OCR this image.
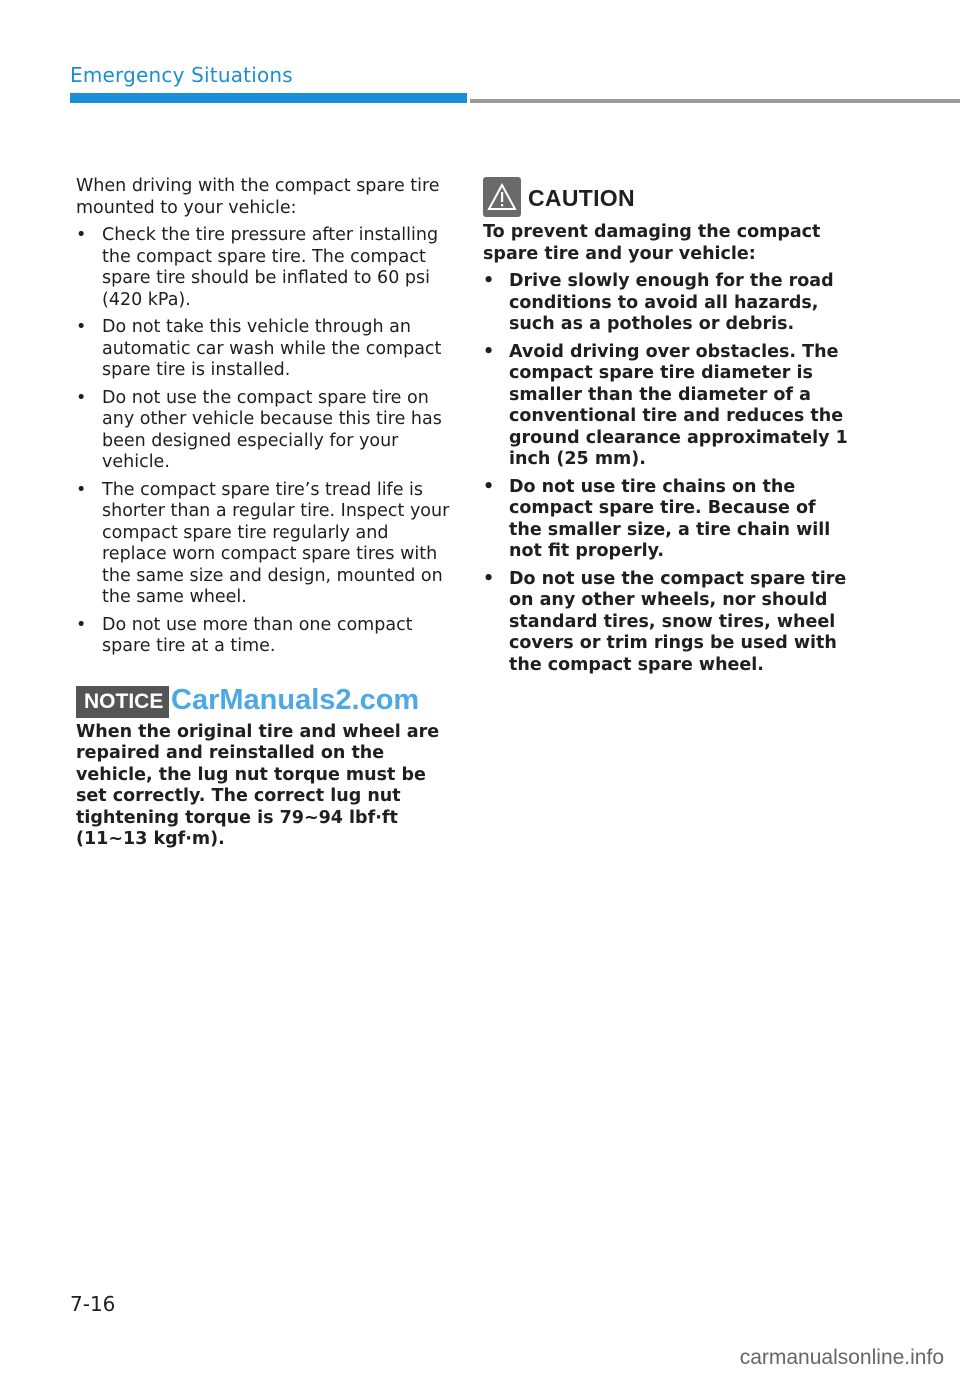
Emergency Situations

When driving with the compact spare tire mounted to your vehicle:

• Check the tire pressure after installing the compact spare tire. The compact spare tire should be inflated to 60 psi (420 kPa).
• Do not take this vehicle through an automatic car wash while the compact spare tire is installed.
• Do not use the compact spare tire on any other vehicle because this tire has been designed especially for your vehicle.
• The compact spare tire’s tread life is shorter than a regular tire. Inspect your compact spare tire regularly and replace worn compact spare tires with the same size and design, mounted on the same wheel.
• Do not use more than one compact spare tire at a time.
NOTICE
When the original tire and wheel are repaired and reinstalled on the vehicle, the lug nut torque must be set correctly. The correct lug nut tightening torque is 79~94 lbf·ft (11~13 kgf·m).
CarManuals2.com
CAUTION

To prevent damaging the compact spare tire and your vehicle:

• Drive slowly enough for the road conditions to avoid all hazards, such as a potholes or debris.
• Avoid driving over obstacles. The compact spare tire diameter is smaller than the diameter of a conventional tire and reduces the ground clearance approximately 1 inch (25 mm).
• Do not use tire chains on the compact spare tire. Because of the smaller size, a tire chain will not fit properly.
• Do not use the compact spare tire on any other wheels, nor should standard tires, snow tires, wheel covers or trim rings be used with the compact spare wheel.
7-16
carmanualsonline.info
